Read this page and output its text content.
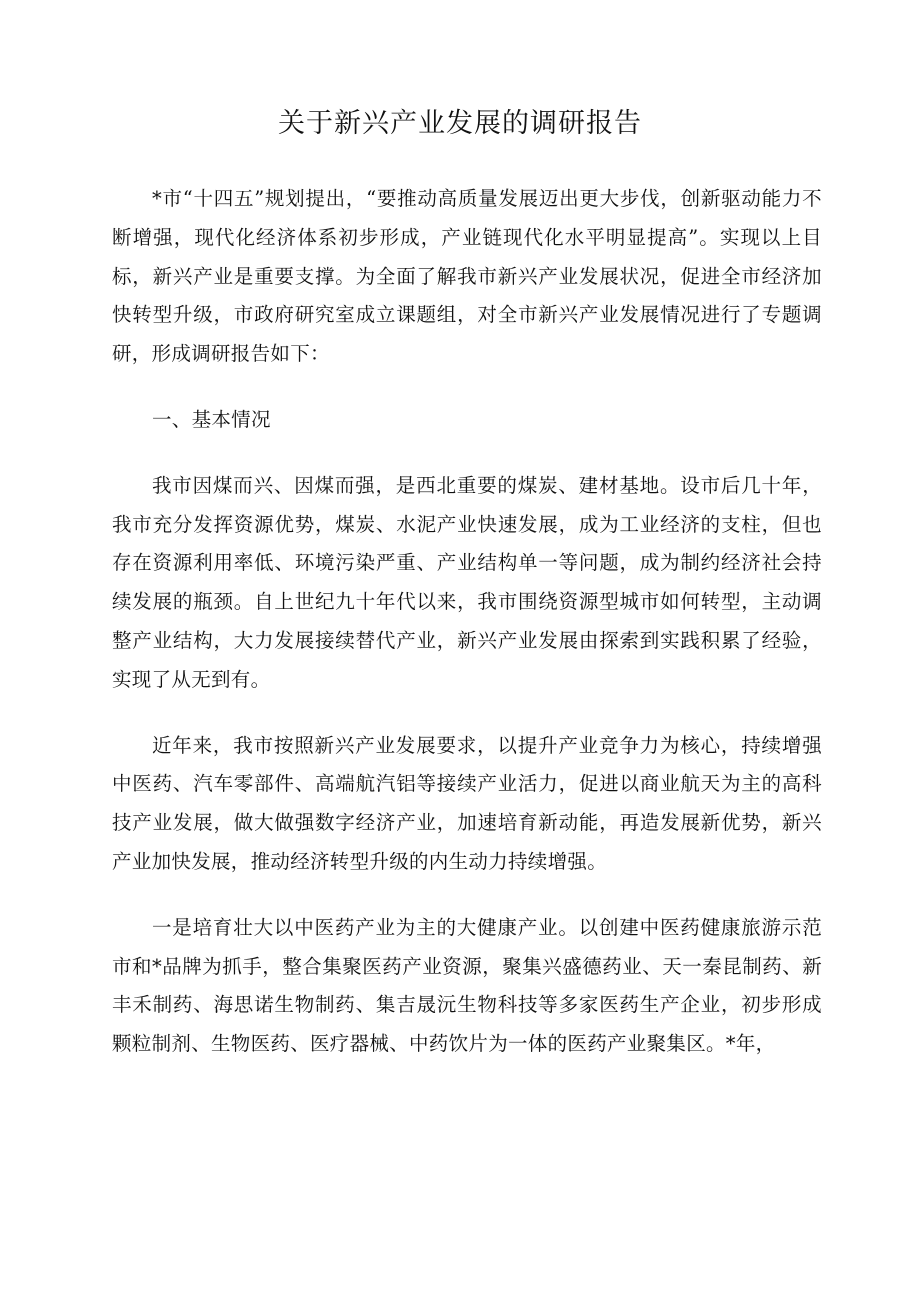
关于新兴产业发展的调研报告

*市“十四五”规划提出，“要推动高质量发展迈出更大步伐，创新驱动能力不断增强，现代化经济体系初步形成，产业链现代化水平明显提高”。实现以上目标，新兴产业是重要支撑。为全面了解我市新兴产业发展状况，促进全市经济加快转型升级，市政府研究室成立课题组，对全市新兴产业发展情况进行了专题调研，形成调研报告如下：

一、基本情况

我市因煤而兴、因煤而强，是西北重要的煤炭、建材基地。设市后几十年，我市充分发挥资源优势，煤炭、水泥产业快速发展，成为工业经济的支柱，但也存在资源利用率低、环境污染严重、产业结构单一等问题，成为制约经济社会持续发展的瓶颈。自上世纪九十年代以来，我市围绕资源型城市如何转型，主动调整产业结构，大力发展接续替代产业，新兴产业发展由探索到实践积累了经验，实现了从无到有。

近年来，我市按照新兴产业发展要求，以提升产业竞争力为核心，持续增强中医药、汽车零部件、高端航汽铝等接续产业活力，促进以商业航天为主的高科技产业发展，做大做强数字经济产业，加速培育新动能，再造发展新优势，新兴产业加快发展，推动经济转型升级的内生动力持续增强。

一是培育壮大以中医药产业为主的大健康产业。以创建中医药健康旅游示范市和*品牌为抓手，整合集聚医药产业资源，聚集兴盛德药业、天一秦昆制药、新丰禾制药、海思诺生物制药、集吉晟沅生物科技等多家医药生产企业，初步形成颗粒制剂、生物医药、医疗器械、中药饮片为一体的医药产业聚集区。*年，
